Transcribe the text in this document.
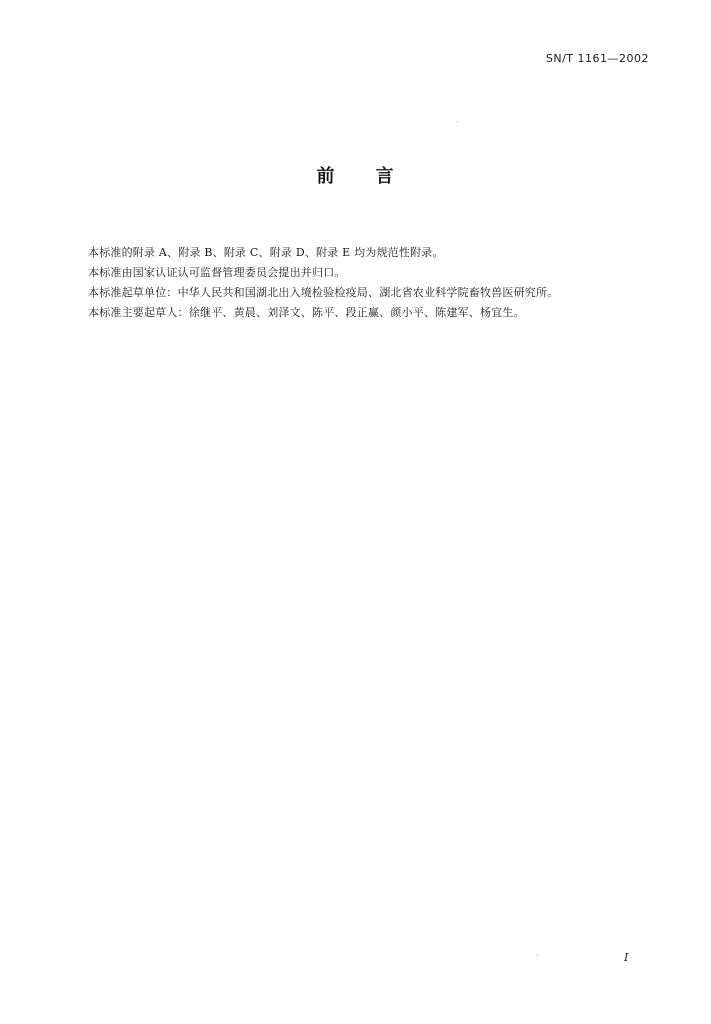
SN/T 1161—2002
前 言
本标准的附录 A、附录 B、附录 C、附录 D、附录 E 均为规范性附录。
本标准由国家认证认可监督管理委员会提出并归口。
本标准起草单位：中华人民共和国湖北出入境检验检疫局、湖北省农业科学院畜牧兽医研究所。
本标准主要起草人：徐继平、黄晨、刘泽文、陈平、段正赢、颜小平、陈建军、杨宜生。
I
